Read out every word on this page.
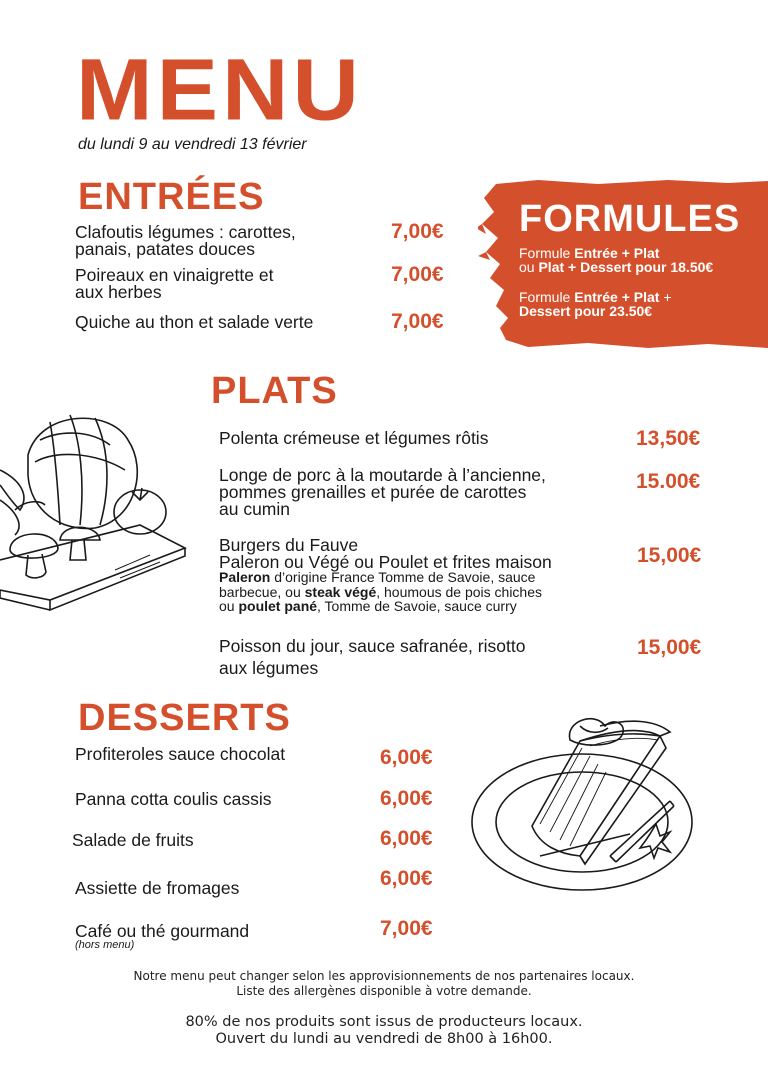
MENU
du lundi 9 au vendredi 13 février
ENTRÉES
Clafoutis légumes : carottes,
panais, patates douces
7,00€
Poireaux en vinaigrette et
aux herbes
7,00€
Quiche au thon et salade verte	7,00€
FORMULES
Formule Entrée + Plat
ou Plat + Dessert pour 18.50€
Formule Entrée + Plat +
Dessert pour 23.50€
PLATS
Polenta crémeuse et légumes rôtis	13,50€
Longe de porc à la moutarde à l’ancienne,
pommes grenailles et purée de carottes
au cumin
15.00€
Burgers du Fauve
Paleron ou Végé ou Poulet et frites maison
Paleron d’origine France Tomme de Savoie, sauce
barbecue, ou steak végé, houmous de pois chiches
ou poulet pané, Tomme de Savoie, sauce curry
15,00€
Poisson du jour, sauce safranée, risotto
aux légumes
15,00€
DESSERTS
Profiteroles sauce chocolat	6,00€
Panna cotta coulis cassis	6,00€
Salade de fruits	6,00€
Assiette de fromages	6,00€
Café ou thé gourmand
(hors menu)
7,00€
Notre menu peut changer selon les approvisionnements de nos partenaires locaux.
Liste des allergènes disponible à votre demande.
80% de nos produits sont issus de producteurs locaux.
Ouvert du lundi au vendredi de 8h00 à 16h00.
